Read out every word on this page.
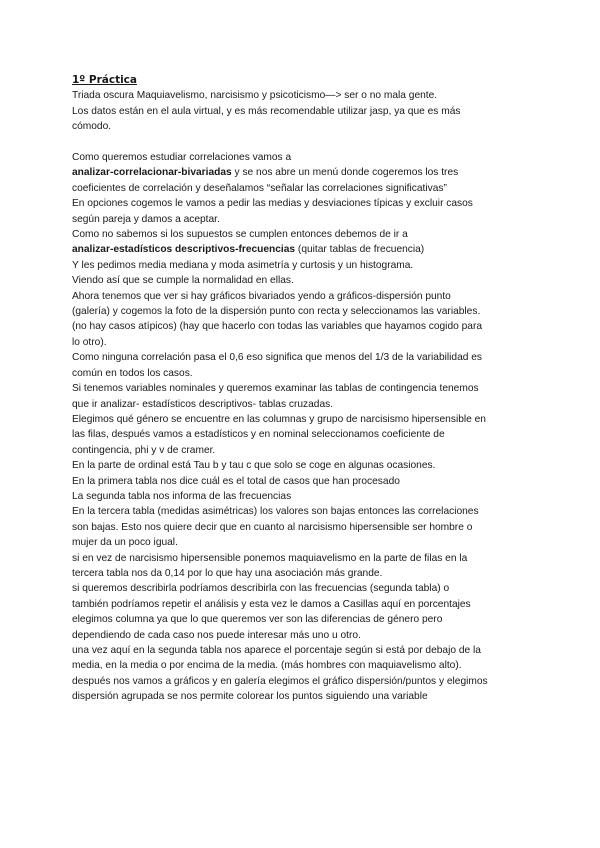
1º Práctica

Triada oscura Maquiavelismo, narcisismo y psicoticismo—> ser o no mala gente.

Los datos están en el aula virtual, y es más recomendable utilizar jasp, ya que es más

cómodo.

Como queremos estudiar correlaciones vamos a

analizar-correlacionar-bivariadas y se nos abre un menú donde cogeremos los tres

coeficientes de correlación y deseñalamos “señalar las correlaciones significativas”

En opciones cogemos le vamos a pedir las medias y desviaciones típicas y excluir casos

según pareja y damos a aceptar.

Como no sabemos si los supuestos se cumplen entonces debemos de ir a

analizar-estadísticos descriptivos-frecuencias (quitar tablas de frecuencia)

Y les pedimos media mediana y moda asimetría y curtosis y un histograma.

Viendo así que se cumple la normalidad en ellas.

Ahora tenemos que ver si hay gráficos bivariados yendo a gráficos-dispersión punto

(galería) y cogemos la foto de la dispersión punto con recta y seleccionamos las variables.

(no hay casos atípicos) (hay que hacerlo con todas las variables que hayamos cogido para

lo otro).

Como ninguna correlación pasa el 0,6 eso significa que menos del 1/3 de la variabilidad es

común en todos los casos.

Si tenemos variables nominales y queremos examinar las tablas de contingencia tenemos

que ir analizar- estadísticos descriptivos- tablas cruzadas.

Elegimos qué género se encuentre en las columnas y grupo de narcisismo hipersensible en

las filas, después vamos a estadísticos y en nominal seleccionamos coeficiente de

contingencia, phi y v de cramer.

En la parte de ordinal está Tau b y tau c que solo se coge en algunas ocasiones.

En la primera tabla nos dice cuál es el total de casos que han procesado

La segunda tabla nos informa de las frecuencias

En la tercera tabla (medidas asimétricas) los valores son bajas entonces las correlaciones

son bajas. Esto nos quiere decir que en cuanto al narcisismo hipersensible ser hombre o

mujer da un poco igual.

si en vez de narcisismo hipersensible ponemos maquiavelismo en la parte de filas en la

tercera tabla nos da 0,14 por lo que hay una asociación más grande.

si queremos describirla podríamos describirla con las frecuencias (segunda tabla) o

también podríamos repetir el análisis y esta vez le damos a Casillas aquí en porcentajes

elegimos columna ya que lo que queremos ver son las diferencias de género pero

dependiendo de cada caso nos puede interesar más uno u otro.

una vez aquí en la segunda tabla nos aparece el porcentaje según si está por debajo de la

media, en la media o por encima de la media. (más hombres con maquiavelismo alto).

después nos vamos a gráficos y en galería elegimos el gráfico dispersión/puntos y elegimos

dispersión agrupada se nos permite colorear los puntos siguiendo una variable
